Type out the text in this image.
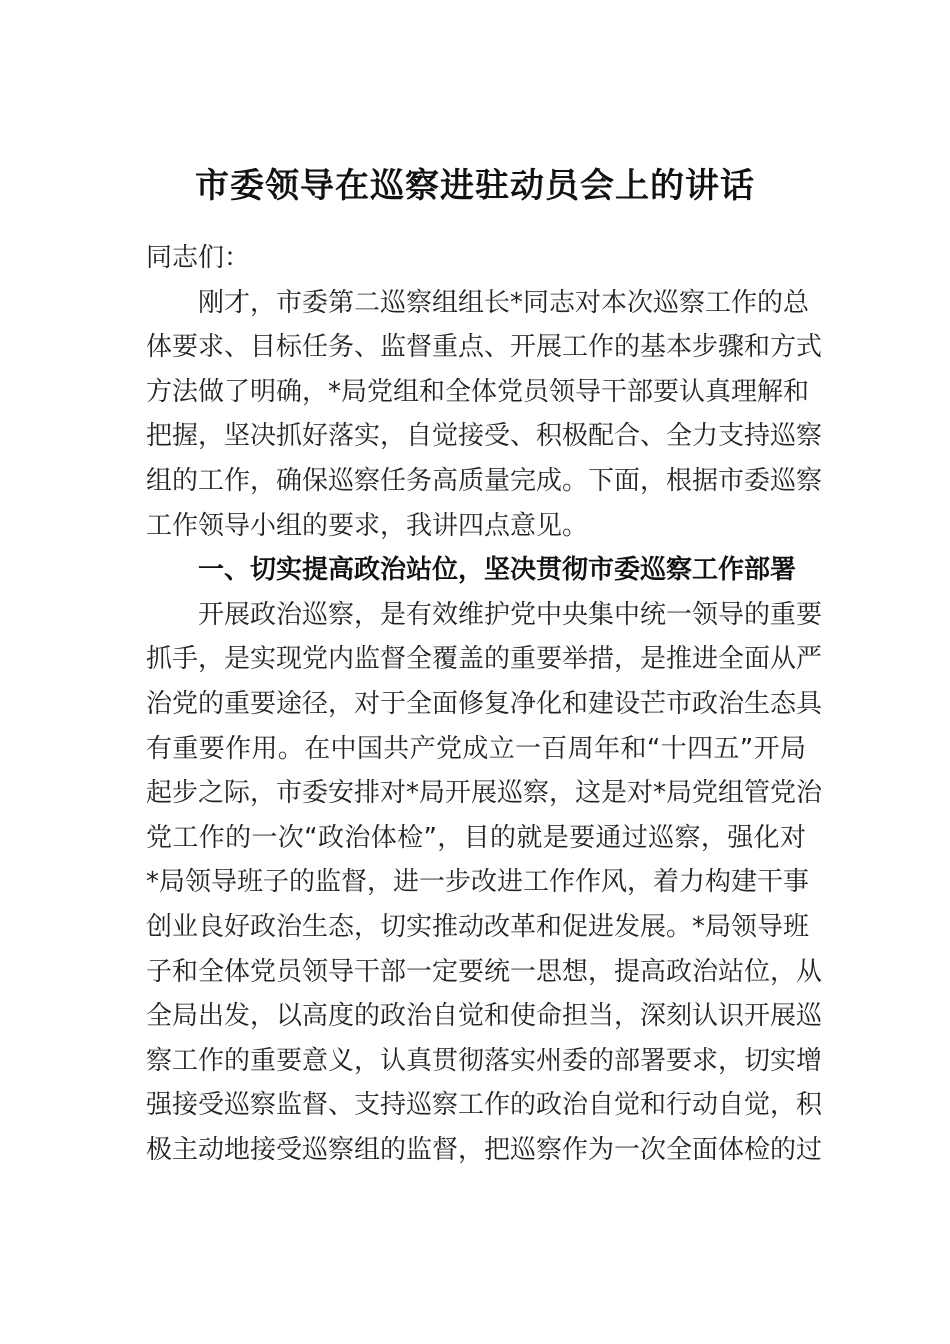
市委领导在巡察进驻动员会上的讲话
同志们：
刚才，市委第二巡察组组长*同志对本次巡察工作的总
体要求、目标任务、监督重点、开展工作的基本步骤和方式
方法做了明确，*局党组和全体党员领导干部要认真理解和
把握，坚决抓好落实，自觉接受、积极配合、全力支持巡察
组的工作，确保巡察任务高质量完成。下面，根据市委巡察
工作领导小组的要求，我讲四点意见。
一、切实提高政治站位，坚决贯彻市委巡察工作部署
开展政治巡察，是有效维护党中央集中统一领导的重要
抓手，是实现党内监督全覆盖的重要举措，是推进全面从严
治党的重要途径，对于全面修复净化和建设芒市政治生态具
有重要作用。在中国共产党成立一百周年和“十四五”开局
起步之际，市委安排对*局开展巡察，这是对*局党组管党治
党工作的一次“政治体检”，目的就是要通过巡察，强化对
*局领导班子的监督，进一步改进工作作风，着力构建干事
创业良好政治生态，切实推动改革和促进发展。*局领导班
子和全体党员领导干部一定要统一思想，提高政治站位，从
全局出发，以高度的政治自觉和使命担当，深刻认识开展巡
察工作的重要意义，认真贯彻落实州委的部署要求，切实增
强接受巡察监督、支持巡察工作的政治自觉和行动自觉，积
极主动地接受巡察组的监督，把巡察作为一次全面体检的过
